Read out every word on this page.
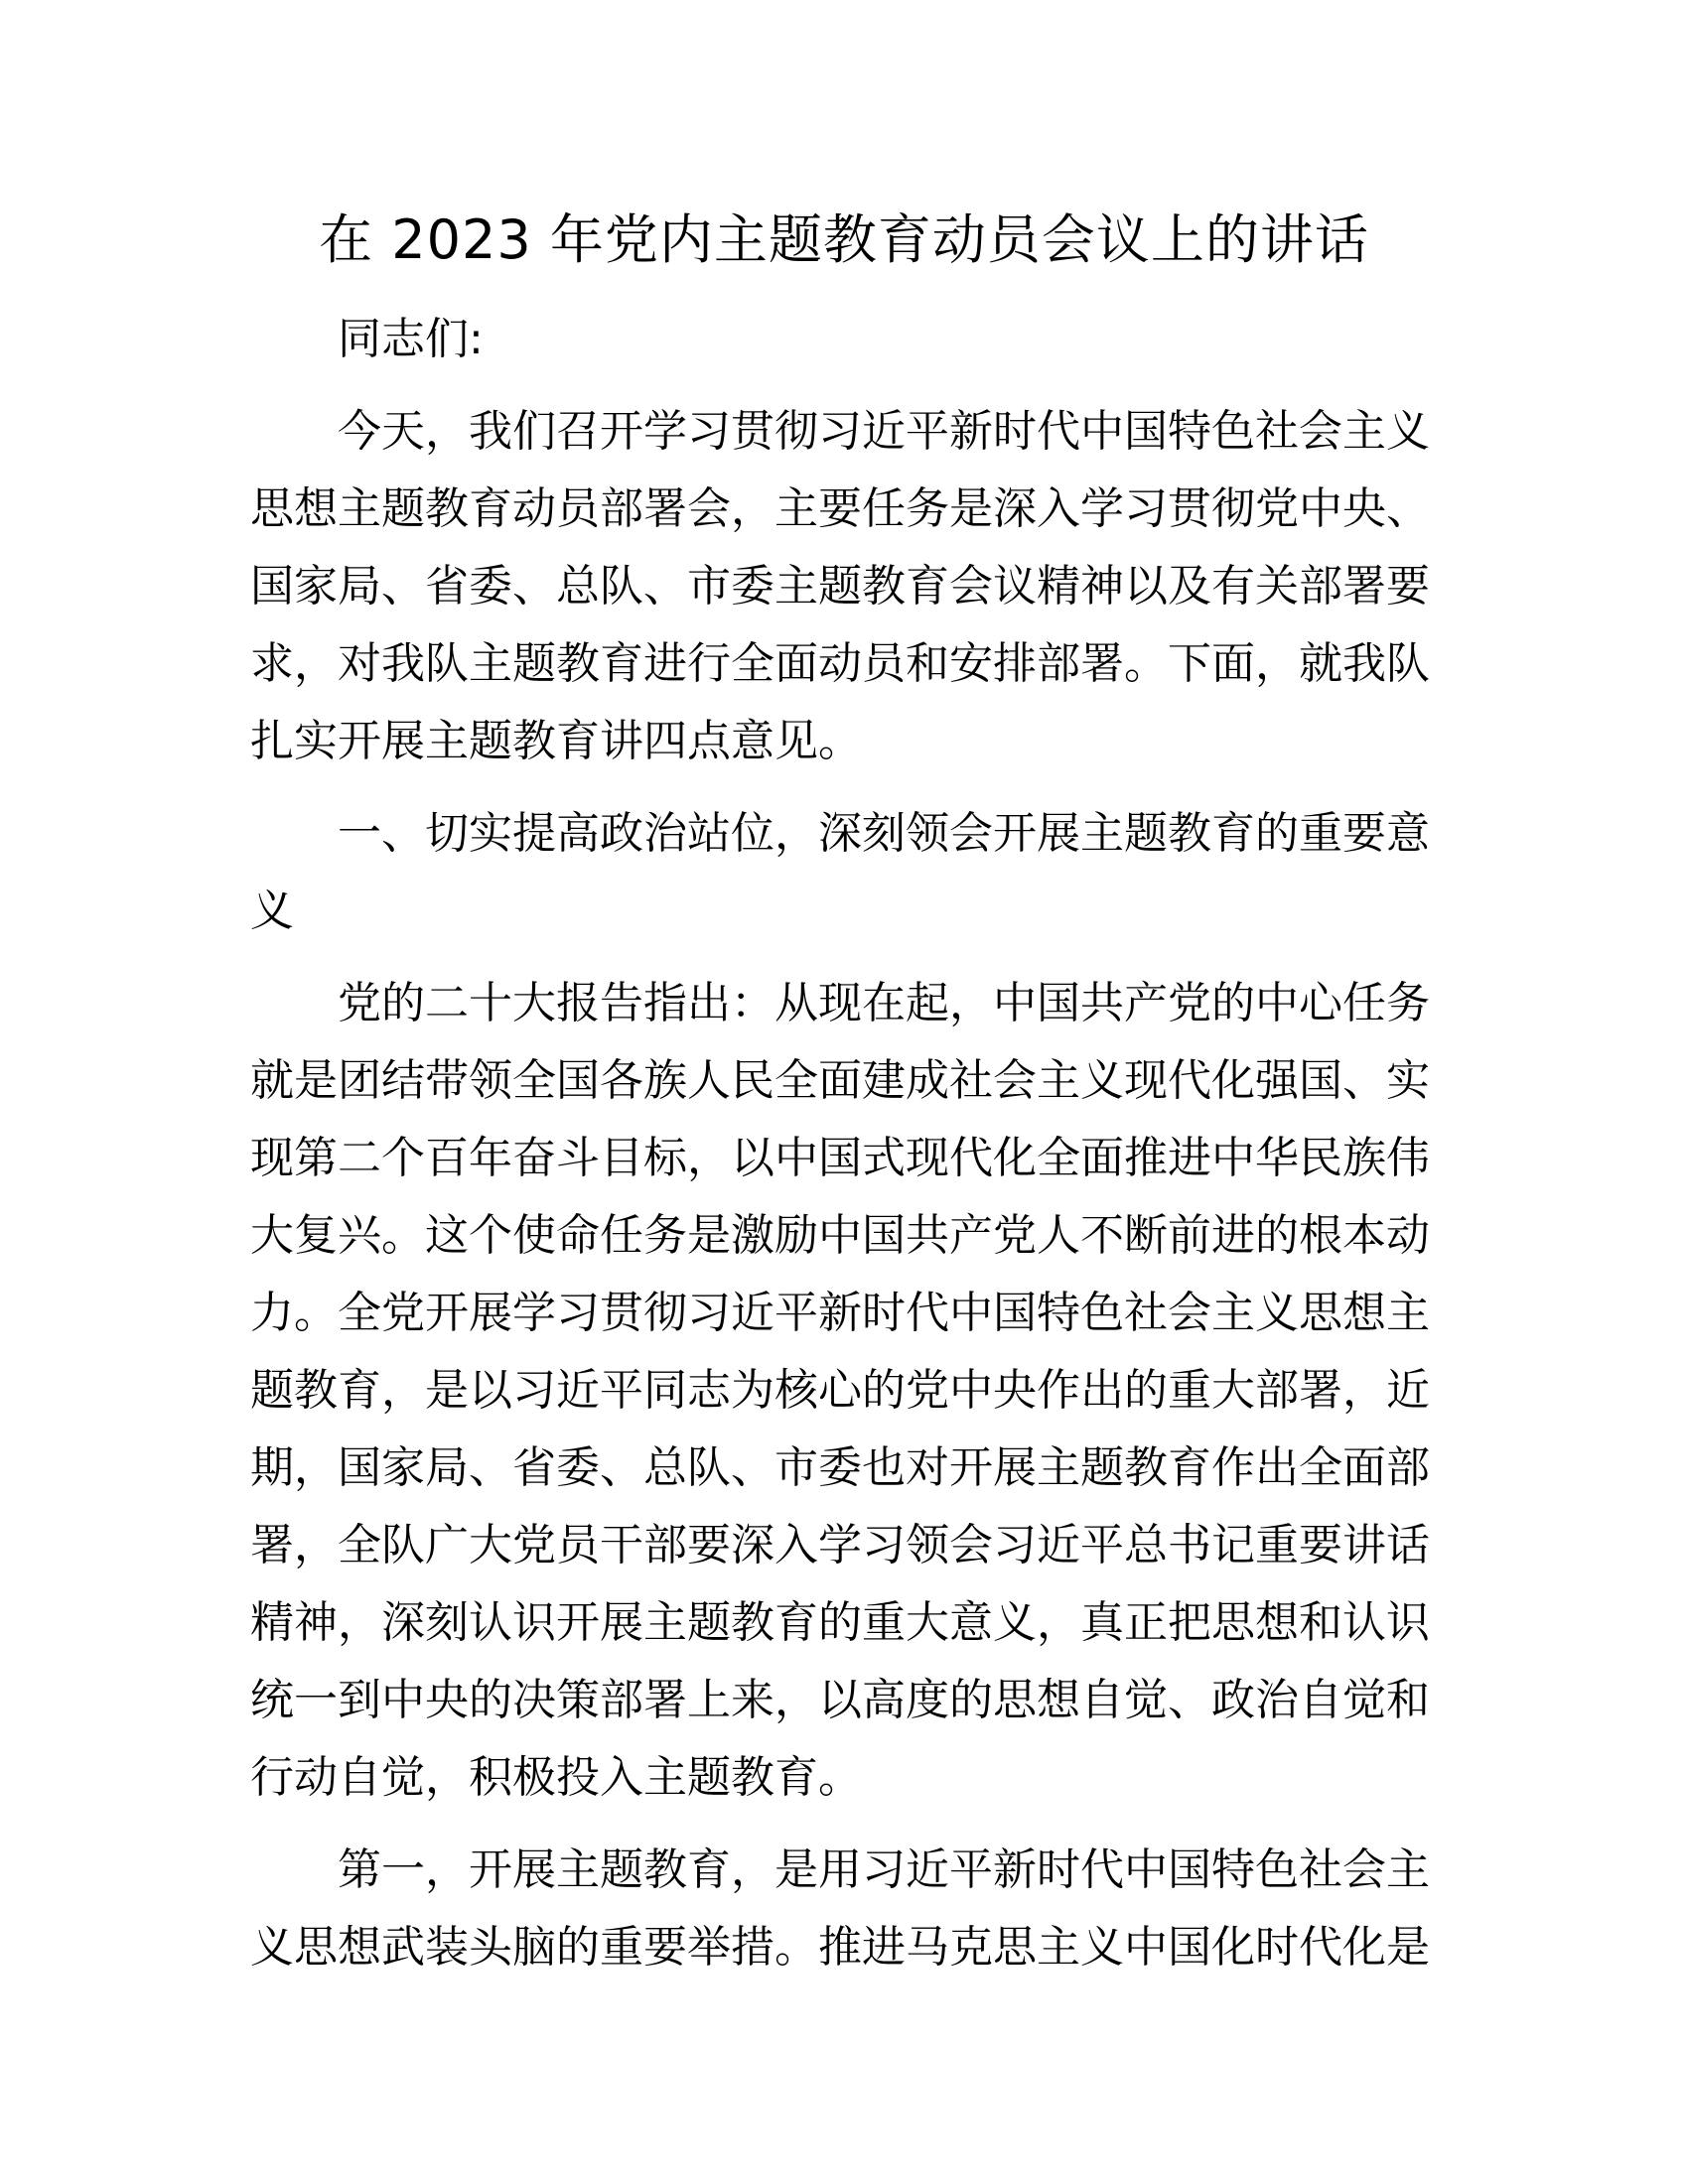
在 2023 年党内主题教育动员会议上的讲话

同志们:

今天，我们召开学习贯彻习近平新时代中国特色社会主义
思想主题教育动员部署会，主要任务是深入学习贯彻党中央、
国家局、省委、总队、市委主题教育会议精神以及有关部署要
求，对我队主题教育进行全面动员和安排部署。下面，就我队
扎实开展主题教育讲四点意见。

一、切实提高政治站位，深刻领会开展主题教育的重要意
义

党的二十大报告指出：从现在起，中国共产党的中心任务
就是团结带领全国各族人民全面建成社会主义现代化强国、实
现第二个百年奋斗目标，以中国式现代化全面推进中华民族伟
大复兴。这个使命任务是激励中国共产党人不断前进的根本动
力。全党开展学习贯彻习近平新时代中国特色社会主义思想主
题教育，是以习近平同志为核心的党中央作出的重大部署，近
期，国家局、省委、总队、市委也对开展主题教育作出全面部
署，全队广大党员干部要深入学习领会习近平总书记重要讲话
精神，深刻认识开展主题教育的重大意义，真正把思想和认识
统一到中央的决策部署上来，以高度的思想自觉、政治自觉和
行动自觉，积极投入主题教育。

第一，开展主题教育，是用习近平新时代中国特色社会主
义思想武装头脑的重要举措。推进马克思主义中国化时代化是
